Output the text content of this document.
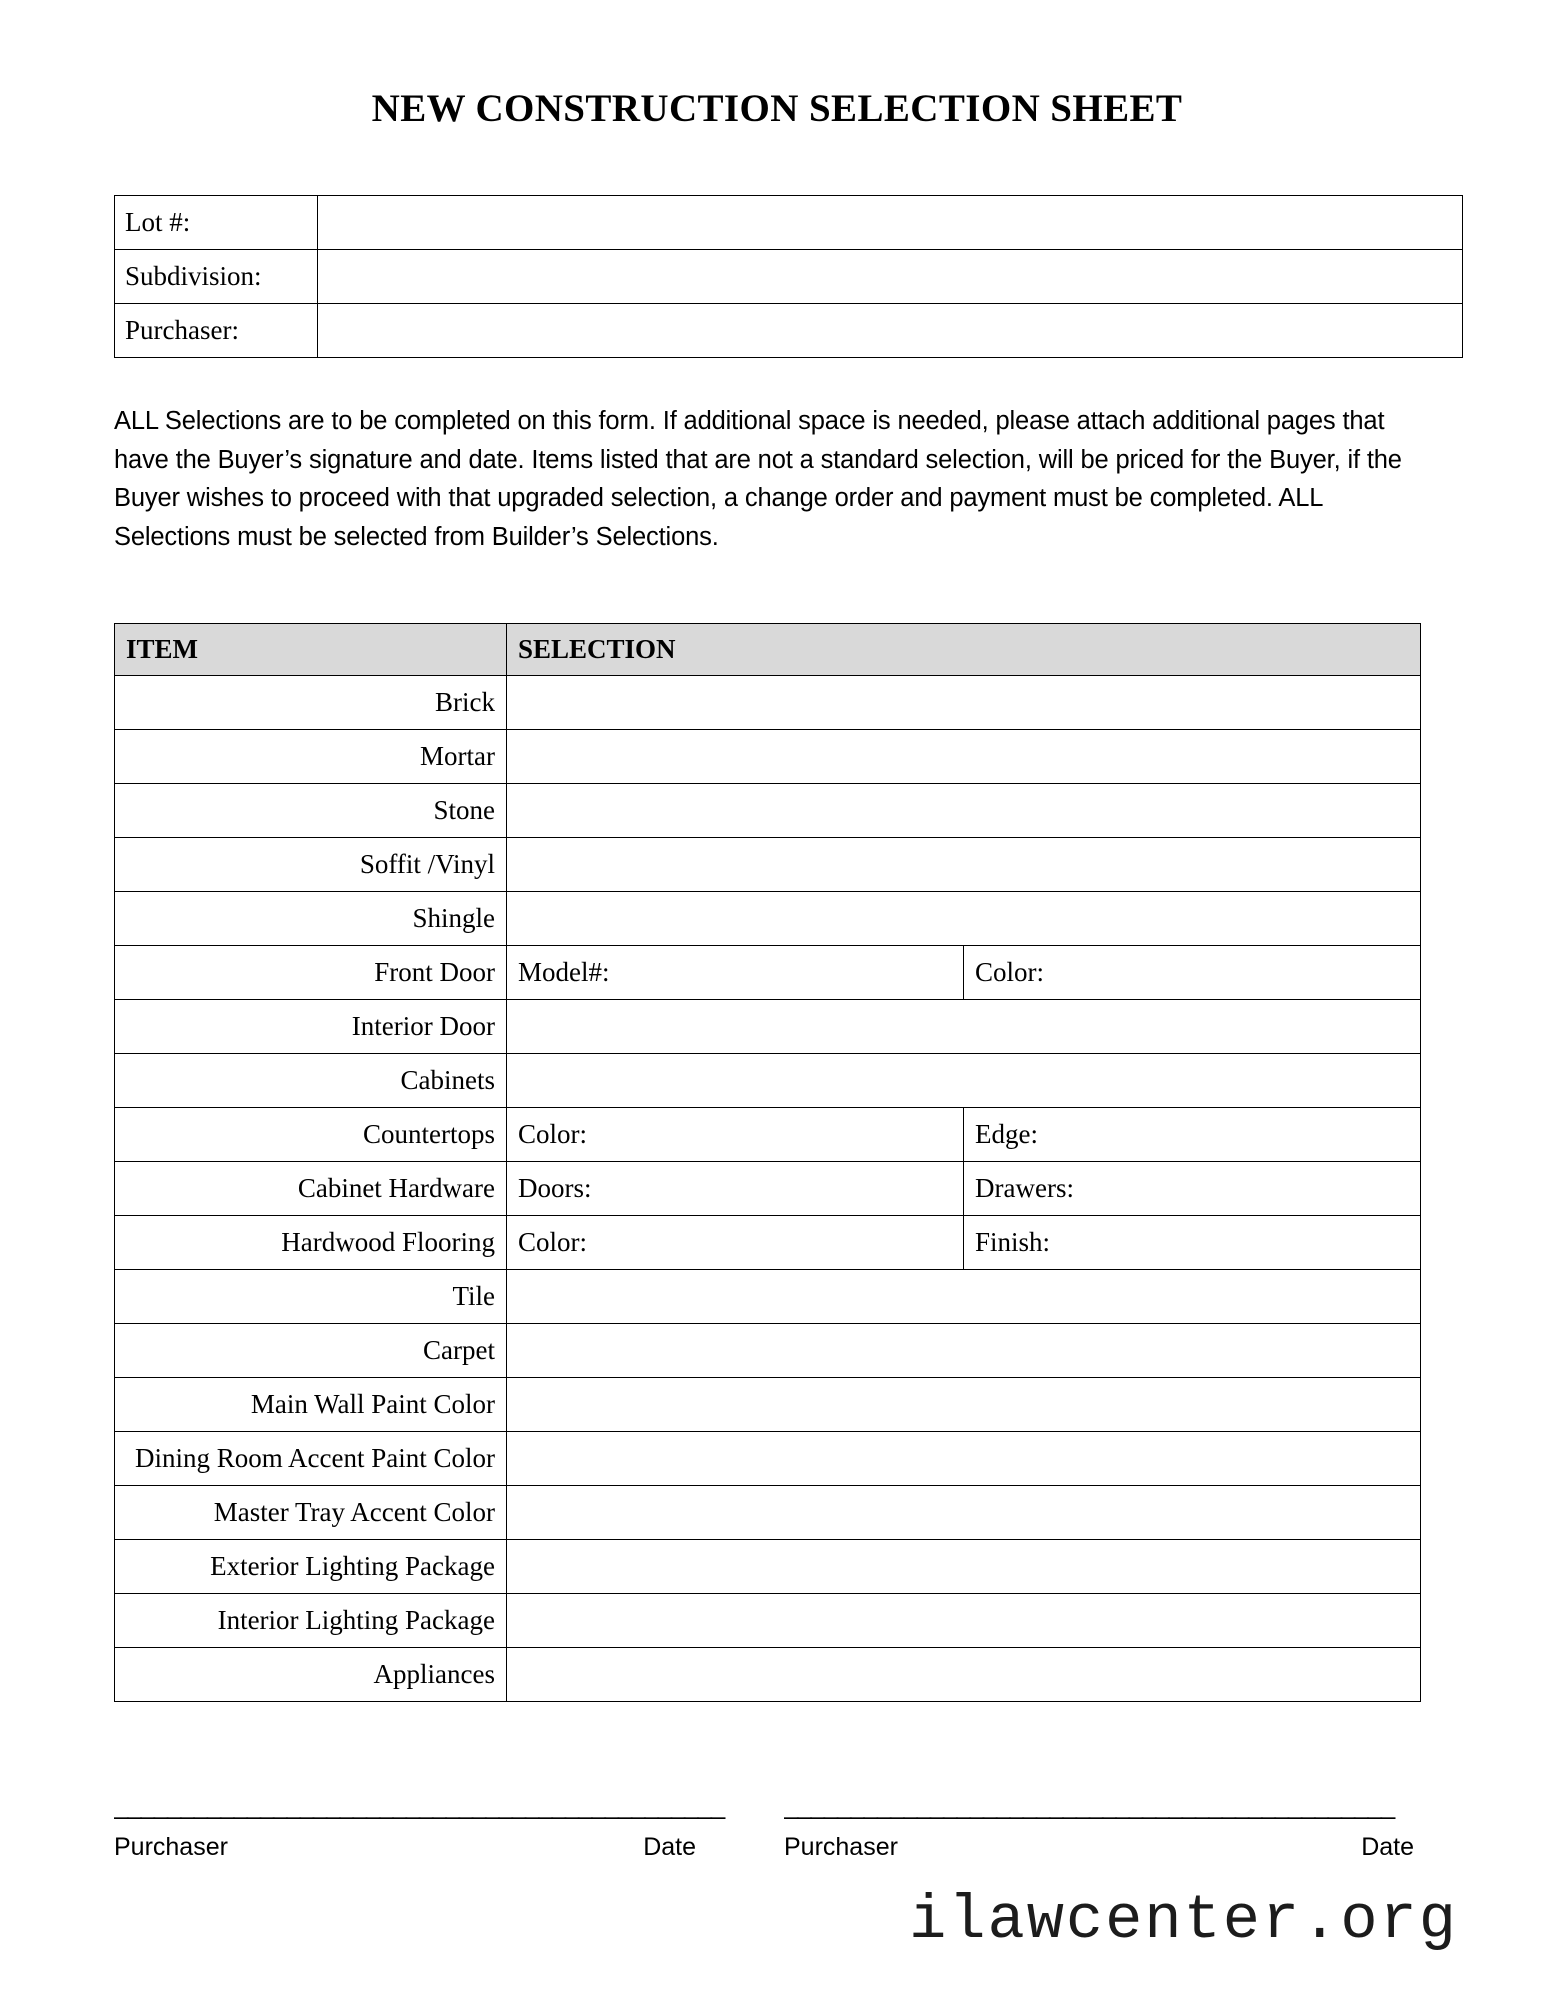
NEW CONSTRUCTION SELECTION SHEET
Lot #:	
Subdivision:	
Purchaser:	

ALL Selections are to be completed on this form. If additional space is needed, please attach additional pages that have the Buyer’s signature and date. Items listed that are not a standard selection, will be priced for the Buyer, if the Buyer wishes to proceed with that upgraded selection, a change order and payment must be completed. ALL Selections must be selected from Builder’s Selections.

ITEM	SELECTION	
Brick		
Mortar		
Stone		
Soffit /Vinyl		
Shingle		
Front Door	Model#:	Color:
Interior Door		
Cabinets		
Countertops	Color:	Edge:
Cabinet Hardware	Doors:	Drawers:
Hardwood Flooring	Color:	Finish:
Tile		
Carpet		
Main Wall Paint Color		
Dining Room Accent Paint Color		
Master Tray Accent Color		
Exterior Lighting Package		
Interior Lighting Package		
Appliances		
______________________________________________
Purchaser	Date
______________________________________________
Purchaser	Date
ilawcenter.org
